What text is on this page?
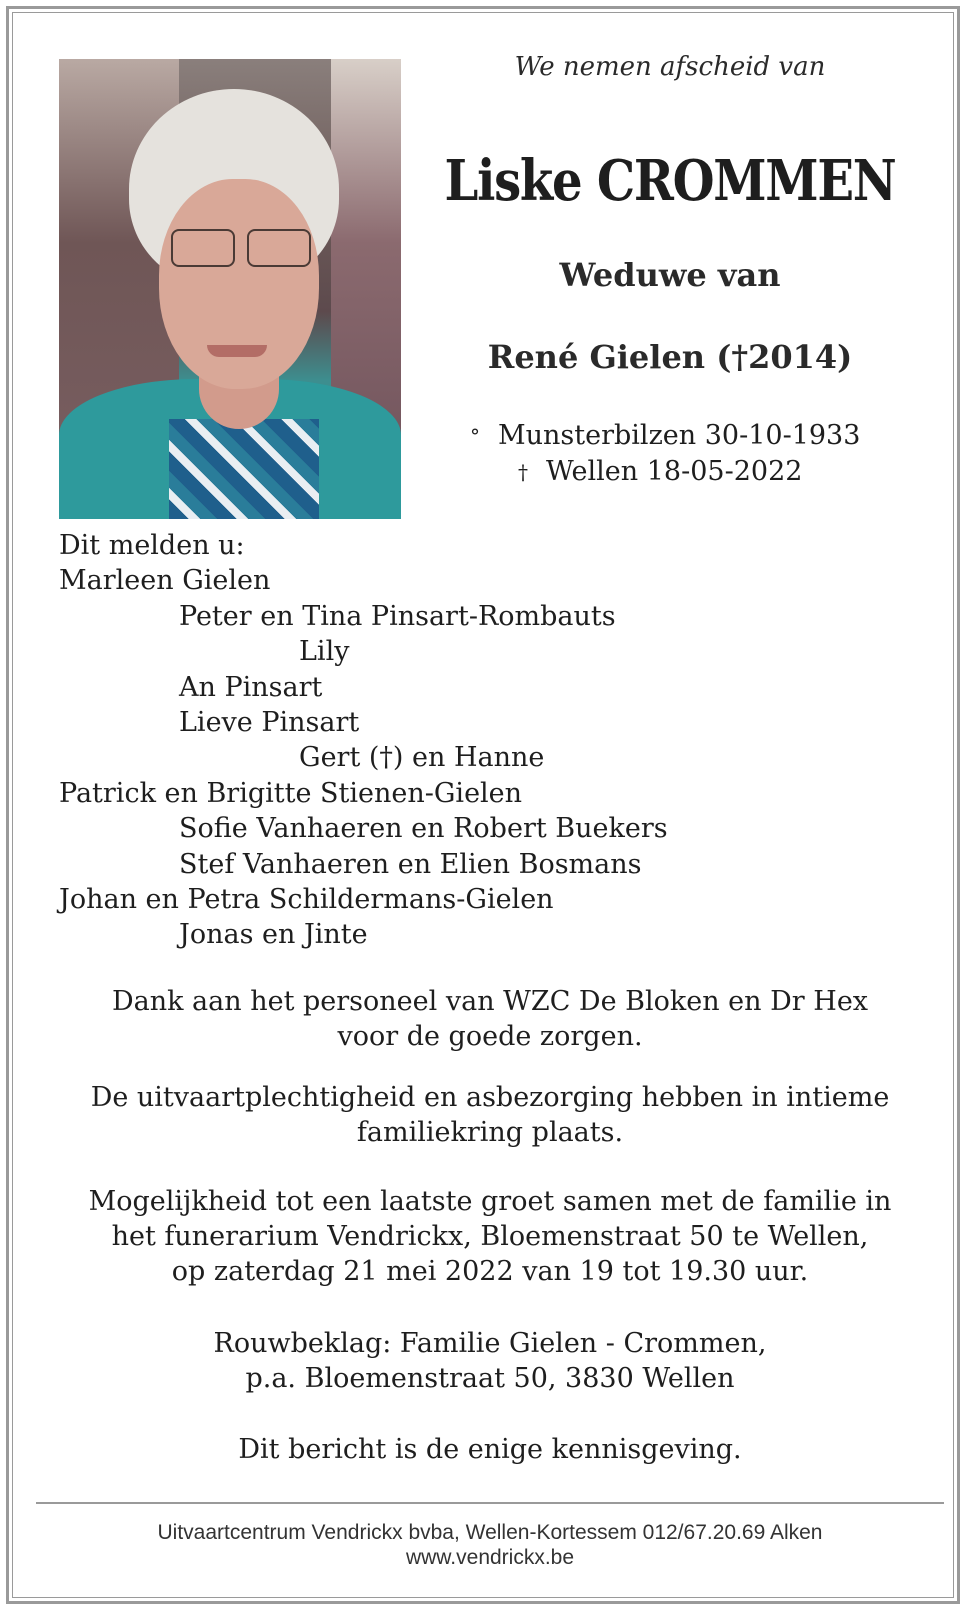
We nemen afscheid van
Liske CROMMEN
Weduwe van
René Gielen (†2014)
° Munsterbilzen 30-10-1933
† Wellen 18-05-2022
Dit melden u:
Marleen Gielen
Peter en Tina Pinsart-Rombauts
Lily
An Pinsart
Lieve Pinsart
Gert (†) en Hanne
Patrick en Brigitte Stienen-Gielen
Sofie Vanhaeren en Robert Buekers
Stef Vanhaeren en Elien Bosmans
Johan en Petra Schildermans-Gielen
Jonas en Jinte
Dank aan het personeel van WZC De Bloken en Dr Hex
voor de goede zorgen.
De uitvaartplechtigheid en asbezorging hebben in intieme
familiekring plaats.
Mogelijkheid tot een laatste groet samen met de familie in
het funerarium Vendrickx, Bloemenstraat 50 te Wellen,
op zaterdag 21 mei 2022 van 19 tot 19.30 uur.
Rouwbeklag: Familie Gielen - Crommen,
p.a. Bloemenstraat 50, 3830 Wellen
Dit bericht is de enige kennisgeving.
Uitvaartcentrum Vendrickx bvba, Wellen-Kortessem 012/67.20.69 Alken
www.vendrickx.be
